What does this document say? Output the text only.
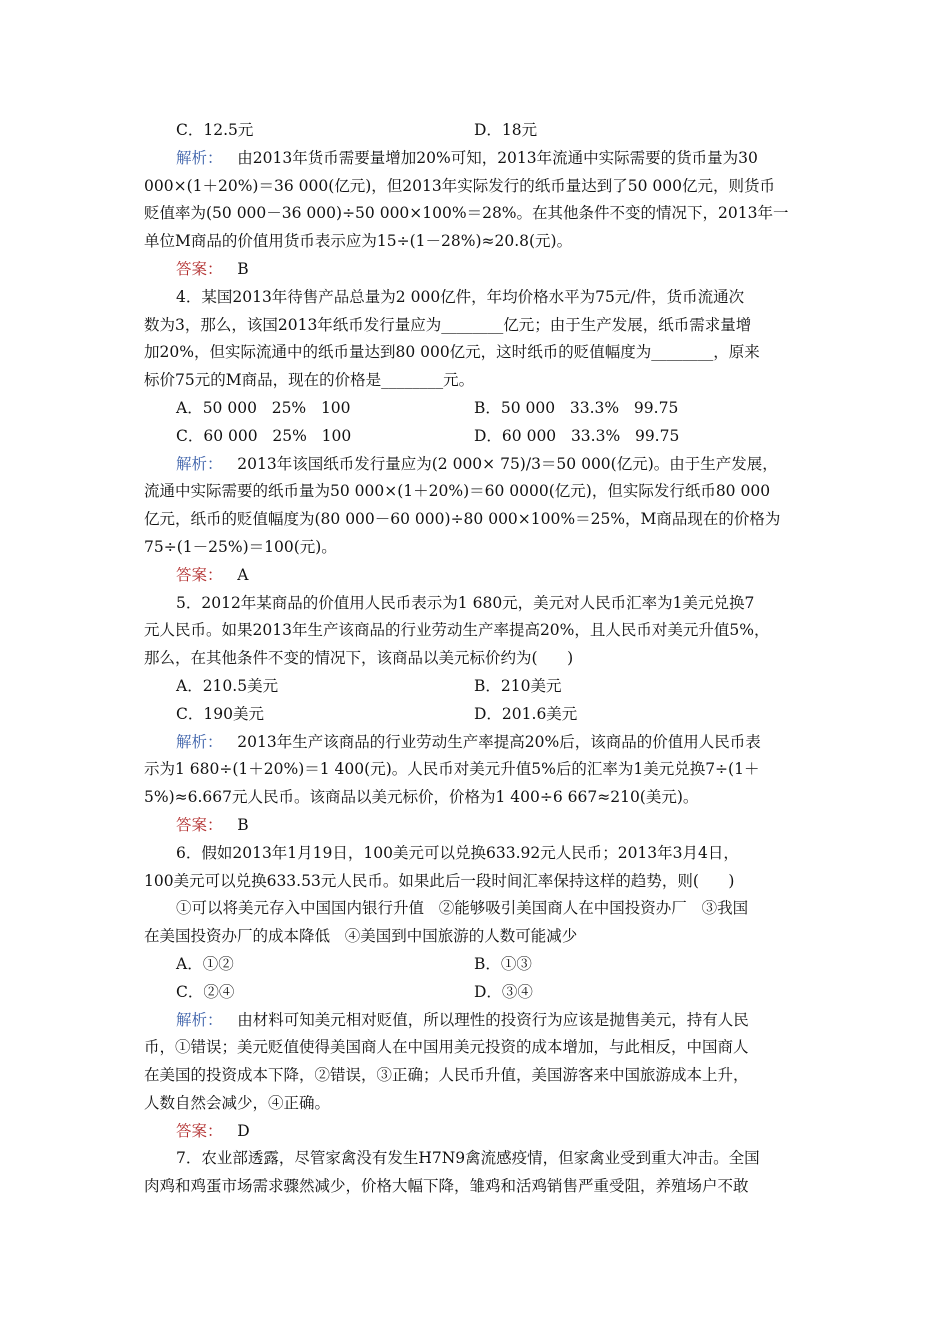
C．12.5元	D．18元
解析：   由2013年货币需要量增加20%可知，2013年流通中实际需要的货币量为30
000×(1＋20%)＝36 000(亿元)，但2013年实际发行的纸币量达到了50 000亿元，则货币
贬值率为(50 000－36 000)÷50 000×100%＝28%。在其他条件不变的情况下，2013年一
单位M商品的价值用货币表示应为15÷(1－28%)≈20.8(元)。
答案：   B
4．某国2013年待售产品总量为2 000亿件，年均价格水平为75元/件，货币流通次
数为3，那么，该国2013年纸币发行量应为________亿元；由于生产发展，纸币需求量增
加20%，但实际流通中的纸币量达到80 000亿元，这时纸币的贬值幅度为________，原来
标价75元的M商品，现在的价格是________元。
A．50 000   25%   100	B．50 000   33.3%   99.75
C．60 000   25%   100	D．60 000   33.3%   99.75
解析：   2013年该国纸币发行量应为(2 000× 75)/3＝50 000(亿元)。由于生产发展，
流通中实际需要的纸币量为50 000×(1＋20%)＝60 0000(亿元)，但实际发行纸币80 000
亿元，纸币的贬值幅度为(80 000－60 000)÷80 000×100%＝25%，M商品现在的价格为
75÷(1－25%)＝100(元)。
答案：   A
5．2012年某商品的价值用人民币表示为1 680元，美元对人民币汇率为1美元兑换7
元人民币。如果2013年生产该商品的行业劳动生产率提高20%，且人民币对美元升值5%，
那么，在其他条件不变的情况下，该商品以美元标价约为(      )
A．210.5美元	B．210美元
C．190美元	D．201.6美元
解析：   2013年生产该商品的行业劳动生产率提高20%后，该商品的价值用人民币表
示为1 680÷(1＋20%)＝1 400(元)。人民币对美元升值5%后的汇率为1美元兑换7÷(1＋
5%)≈6.667元人民币。该商品以美元标价，价格为1 400÷6 667≈210(美元)。
答案：   B
6．假如2013年1月19日，100美元可以兑换633.92元人民币；2013年3月4日，
100美元可以兑换633.53元人民币。如果此后一段时间汇率保持这样的趋势，则(      )
①可以将美元存入中国国内银行升值   ②能够吸引美国商人在中国投资办厂   ③我国
在美国投资办厂的成本降低   ④美国到中国旅游的人数可能减少
A．①②	B．①③
C．②④	D．③④
解析：   由材料可知美元相对贬值，所以理性的投资行为应该是抛售美元，持有人民
币，①错误；美元贬值使得美国商人在中国用美元投资的成本增加，与此相反，中国商人
在美国的投资成本下降，②错误，③正确；人民币升值，美国游客来中国旅游成本上升，
人数自然会减少，④正确。
答案：   D
7．农业部透露，尽管家禽没有发生H7N9禽流感疫情，但家禽业受到重大冲击。全国
肉鸡和鸡蛋市场需求骤然减少，价格大幅下降，雏鸡和活鸡销售严重受阻，养殖场户不敢
